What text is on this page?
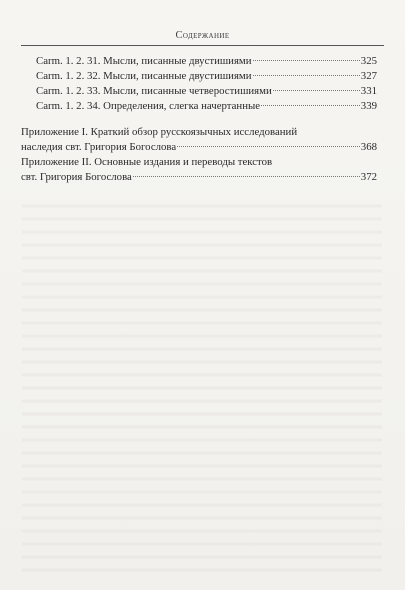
Содержание
Carm. 1. 2. 31. Мысли, писанные двустишиями	325
Carm. 1. 2. 32. Мысли, писанные двустишиями	327
Carm. 1. 2. 33. Мысли, писанные четверостишиями	331
Carm. 1. 2. 34. Определения, слегка начертанные	339
Приложение I. Краткий обзор русскоязычных исследований
наследия свт. Григория Богослова	368
Приложение II. Основные издания и переводы текстов
свт. Григория Богослова	372
